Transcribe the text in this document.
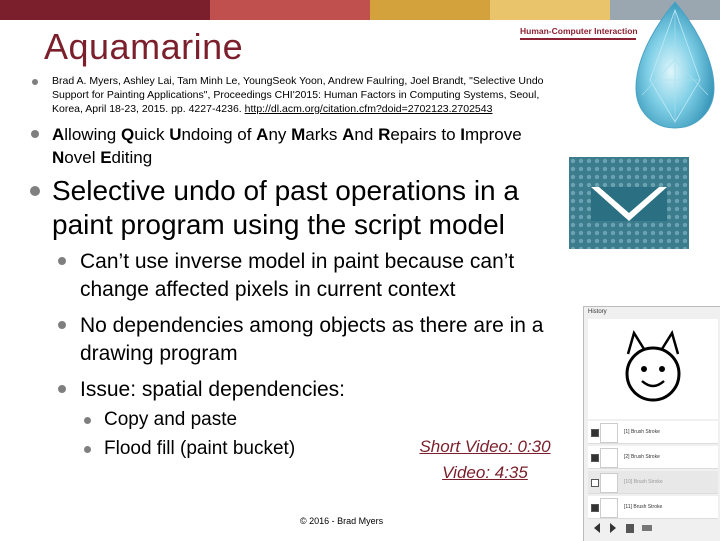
Aquamarine	Human-Computer Interaction
Brad A. Myers, Ashley Lai, Tam Minh Le, YoungSeok Yoon, Andrew Faulring, Joel Brandt, "Selective Undo Support for Painting Applications", Proceedings CHI'2015: Human Factors in Computing Systems, Seoul, Korea, April 18-23, 2015. pp. 4227-4236. http://dl.acm.org/citation.cfm?doid=2702123.2702543
Allowing Quick Undoing of Any Marks And Repairs to Improve Novel Editing
Selective undo of past operations in a paint program using the script model
Can’t use inverse model in paint because can’t change affected pixels in current context
No dependencies among objects as there are in a drawing program
Issue: spatial dependencies:
Copy and paste
Flood fill (paint bucket)	Short Video: 0:30
Video: 4:35
© 2016 - Brad Myers
History
[1] Brush Stroke
[2] Brush Stroke
[10] Brush Stroke
[11] Brush Stroke
